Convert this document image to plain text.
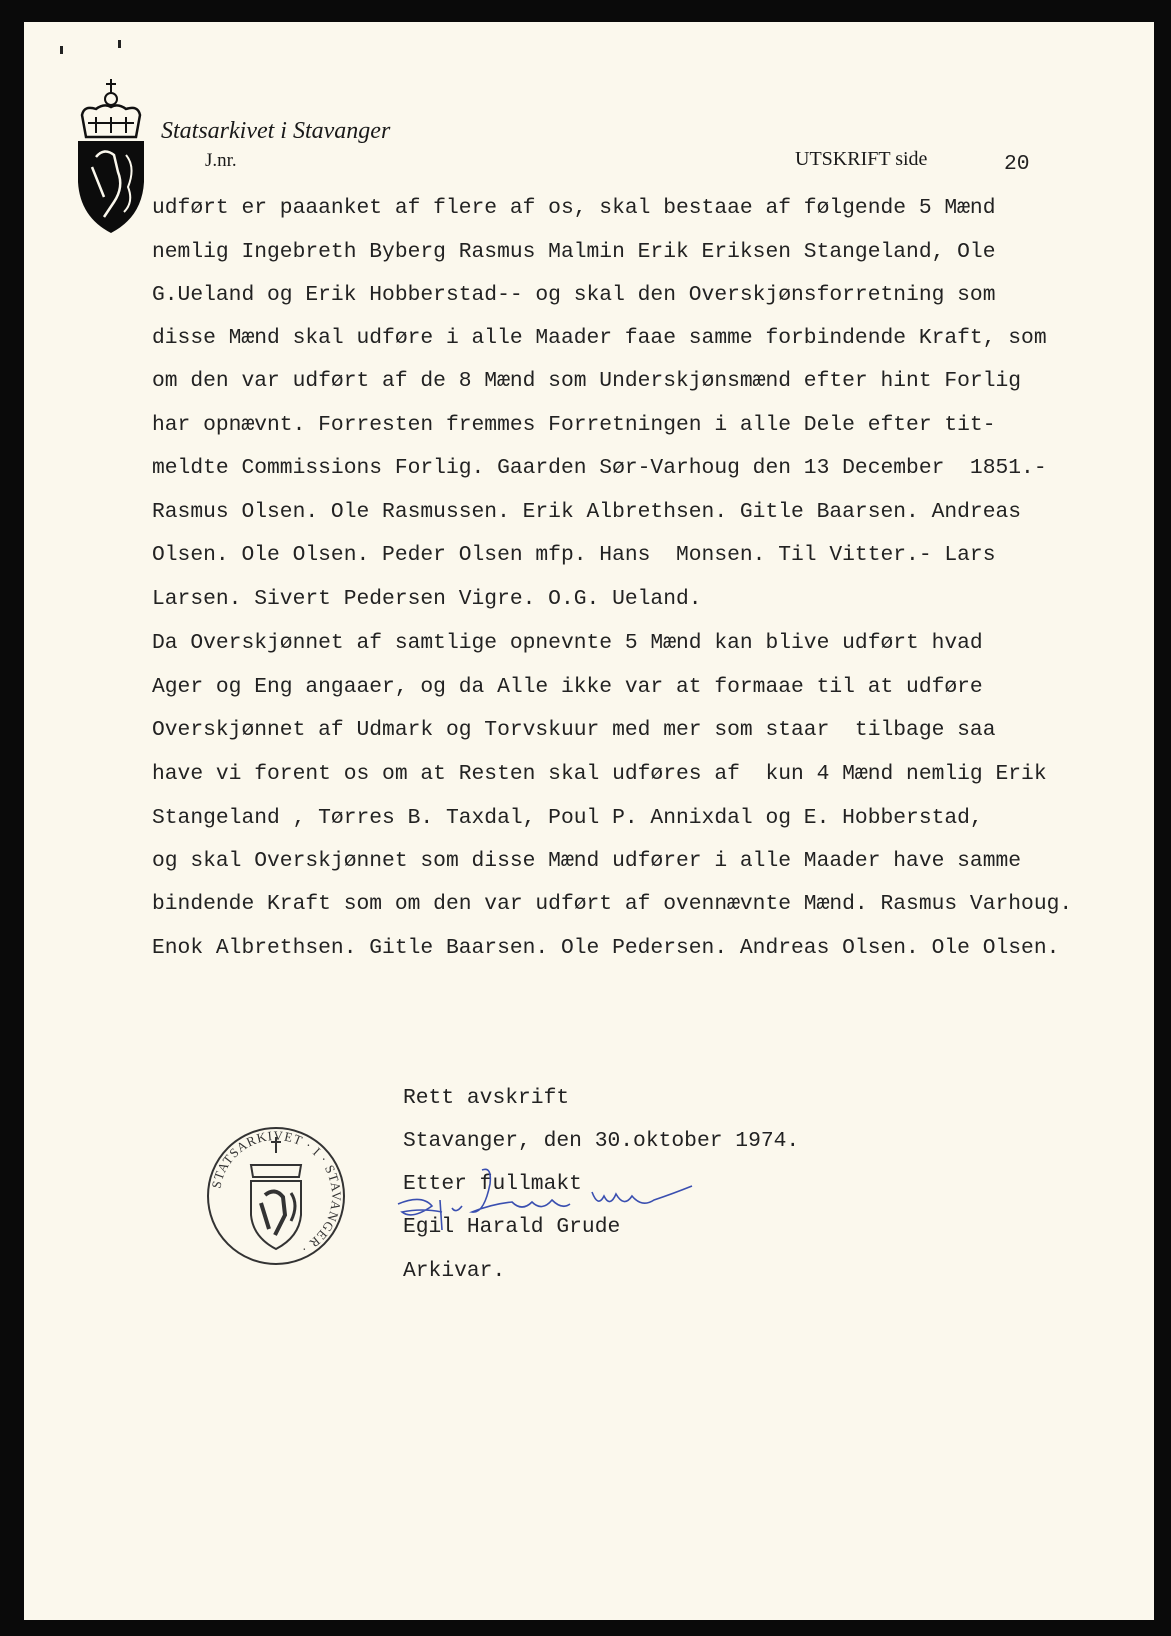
Statsarkivet i Stavanger
J.nr.	UTSKRIFT side	20
udført er paaanket af flere af os, skal bestaae af følgende 5 Mænd
nemlig Ingebreth Byberg Rasmus Malmin Erik Eriksen Stangeland, Ole
G.Ueland og Erik Hobberstad-- og skal den Overskjønsforretning som
disse Mænd skal udføre i alle Maader faae samme forbindende Kraft, som
om den var udført af de 8 Mænd som Underskjønsmænd efter hint Forlig
har opnævnt. Forresten fremmes Forretningen i alle Dele efter tit-
meldte Commissions Forlig. Gaarden Sør-Varhoug den 13 December  1851.-
Rasmus Olsen. Ole Rasmussen. Erik Albrethsen. Gitle Baarsen. Andreas
Olsen. Ole Olsen. Peder Olsen mfp. Hans  Monsen. Til Vitter.- Lars
Larsen. Sivert Pedersen Vigre. O.G. Ueland.
Da Overskjønnet af samtlige opnevnte 5 Mænd kan blive udført hvad
Ager og Eng angaaer, og da Alle ikke var at formaae til at udføre
Overskjønnet af Udmark og Torvskuur med mer som staar  tilbage saa
have vi forent os om at Resten skal udføres af  kun 4 Mænd nemlig Erik
Stangeland , Tørres B. Taxdal, Poul P. Annixdal og E. Hobberstad,
og skal Overskjønnet som disse Mænd udfører i alle Maader have samme
bindende Kraft som om den var udført af ovennævnte Mænd. Rasmus Varhoug.
Enok Albrethsen. Gitle Baarsen. Ole Pedersen. Andreas Olsen. Ole Olsen.
Rett avskrift
Stavanger, den 30.oktober 1974.
Etter fullmakt
Egil Harald Grude
Arkivar.
STATSARKIVET · I · STAVANGER ·
